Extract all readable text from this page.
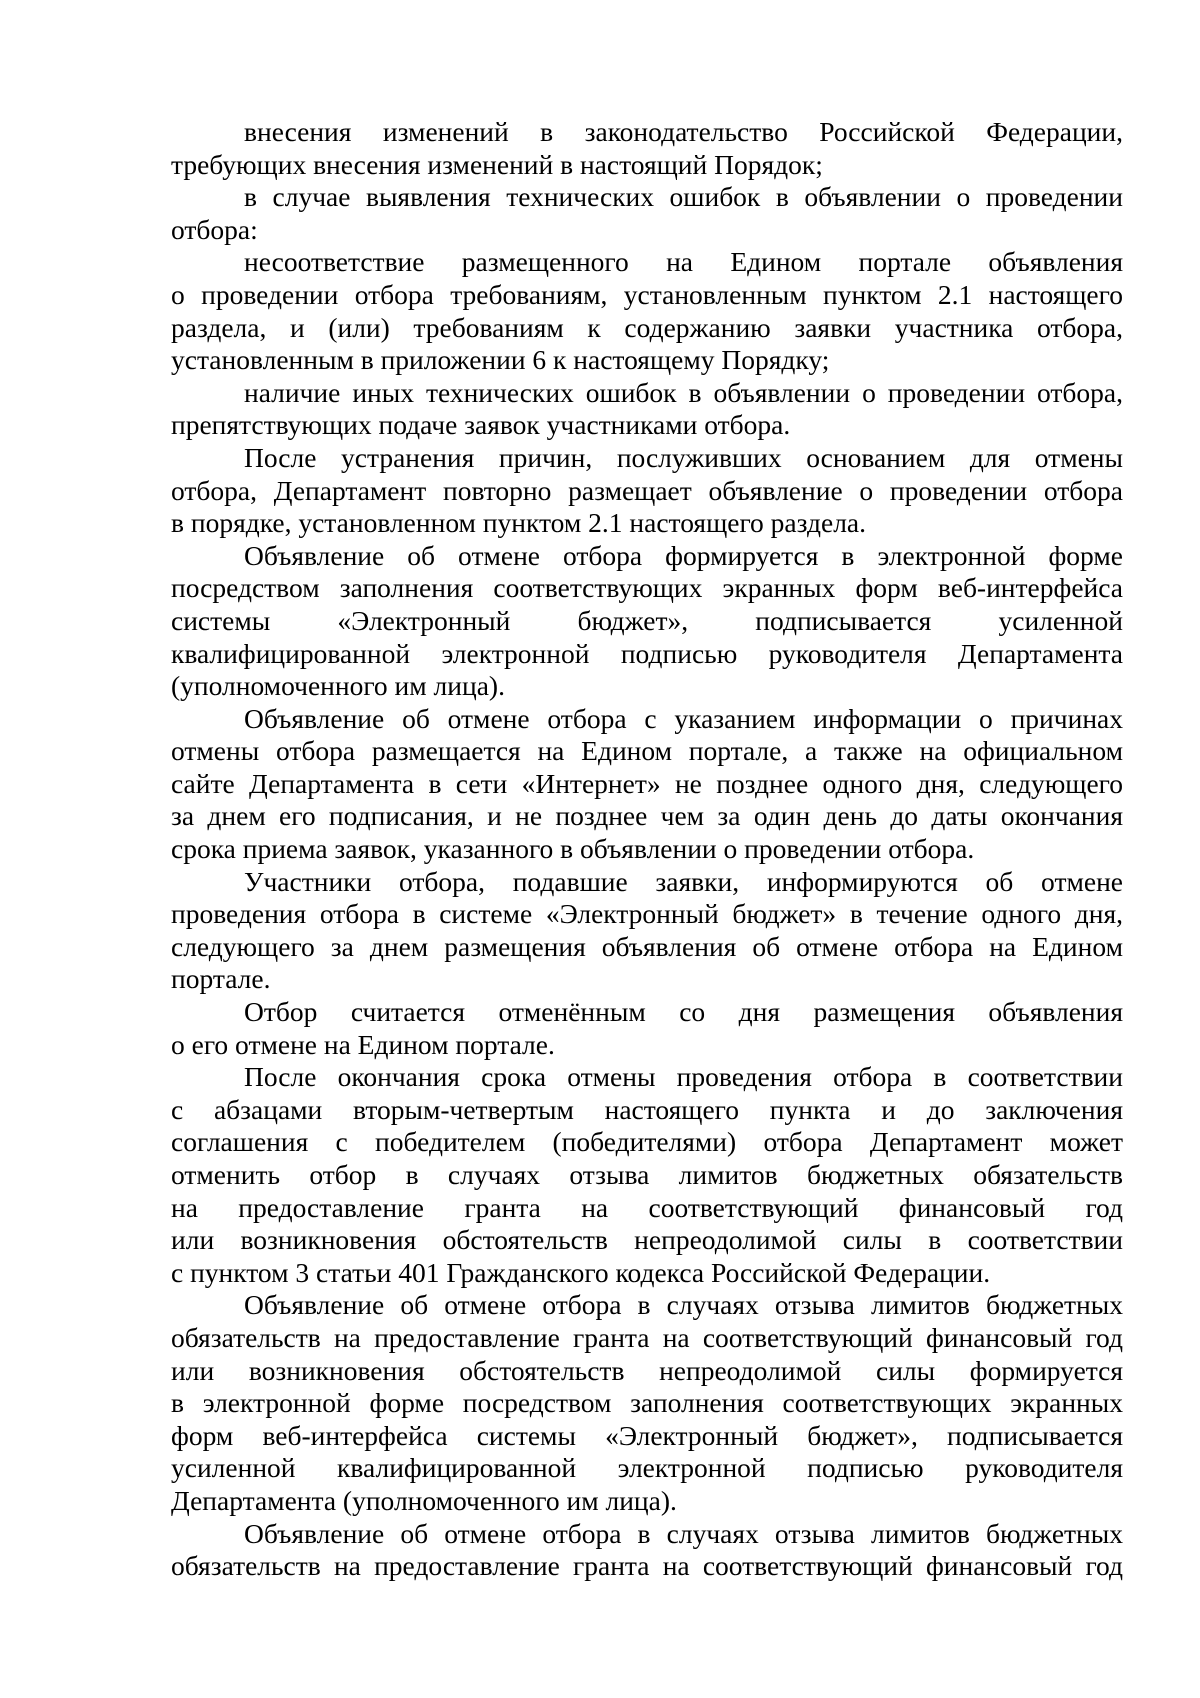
внесения изменений в законодательство Российской Федерации,
требующих внесения изменений в настоящий Порядок;
в случае выявления технических ошибок в объявлении о проведении
отбора:
несоответствие размещенного на Едином портале объявления
о проведении отбора требованиям, установленным пунктом 2.1 настоящего
раздела, и (или) требованиям к содержанию заявки участника отбора,
установленным в приложении 6 к настоящему Порядку;
наличие иных технических ошибок в объявлении о проведении отбора,
препятствующих подаче заявок участниками отбора.
После устранения причин, послуживших основанием для отмены
отбора, Департамент повторно размещает объявление о проведении отбора
в порядке, установленном пунктом 2.1 настоящего раздела.
Объявление об отмене отбора формируется в электронной форме
посредством заполнения соответствующих экранных форм веб-интерфейса
системы «Электронный бюджет», подписывается усиленной
квалифицированной электронной подписью руководителя Департамента
(уполномоченного им лица).
Объявление об отмене отбора с указанием информации о причинах
отмены отбора размещается на Едином портале, а также на официальном
сайте Департамента в сети «Интернет» не позднее одного дня, следующего
за днем его подписания, и не позднее чем за один день до даты окончания
срока приема заявок, указанного в объявлении о проведении отбора.
Участники отбора, подавшие заявки, информируются об отмене
проведения отбора в системе «Электронный бюджет» в течение одного дня,
следующего за днем размещения объявления об отмене отбора на Едином
портале.
Отбор считается отменённым со дня размещения объявления
о его отмене на Едином портале.
После окончания срока отмены проведения отбора в соответствии
с абзацами вторым-четвертым настоящего пункта и до заключения
соглашения с победителем (победителями) отбора Департамент может
отменить отбор в случаях отзыва лимитов бюджетных обязательств
на предоставление гранта на соответствующий финансовый год
или возникновения обстоятельств непреодолимой силы в соответствии
с пунктом 3 статьи 401 Гражданского кодекса Российской Федерации.
Объявление об отмене отбора в случаях отзыва лимитов бюджетных
обязательств на предоставление гранта на соответствующий финансовый год
или возникновения обстоятельств непреодолимой силы формируется
в электронной форме посредством заполнения соответствующих экранных
форм веб-интерфейса системы «Электронный бюджет», подписывается
усиленной квалифицированной электронной подписью руководителя
Департамента (уполномоченного им лица).
Объявление об отмене отбора в случаях отзыва лимитов бюджетных
обязательств на предоставление гранта на соответствующий финансовый год
